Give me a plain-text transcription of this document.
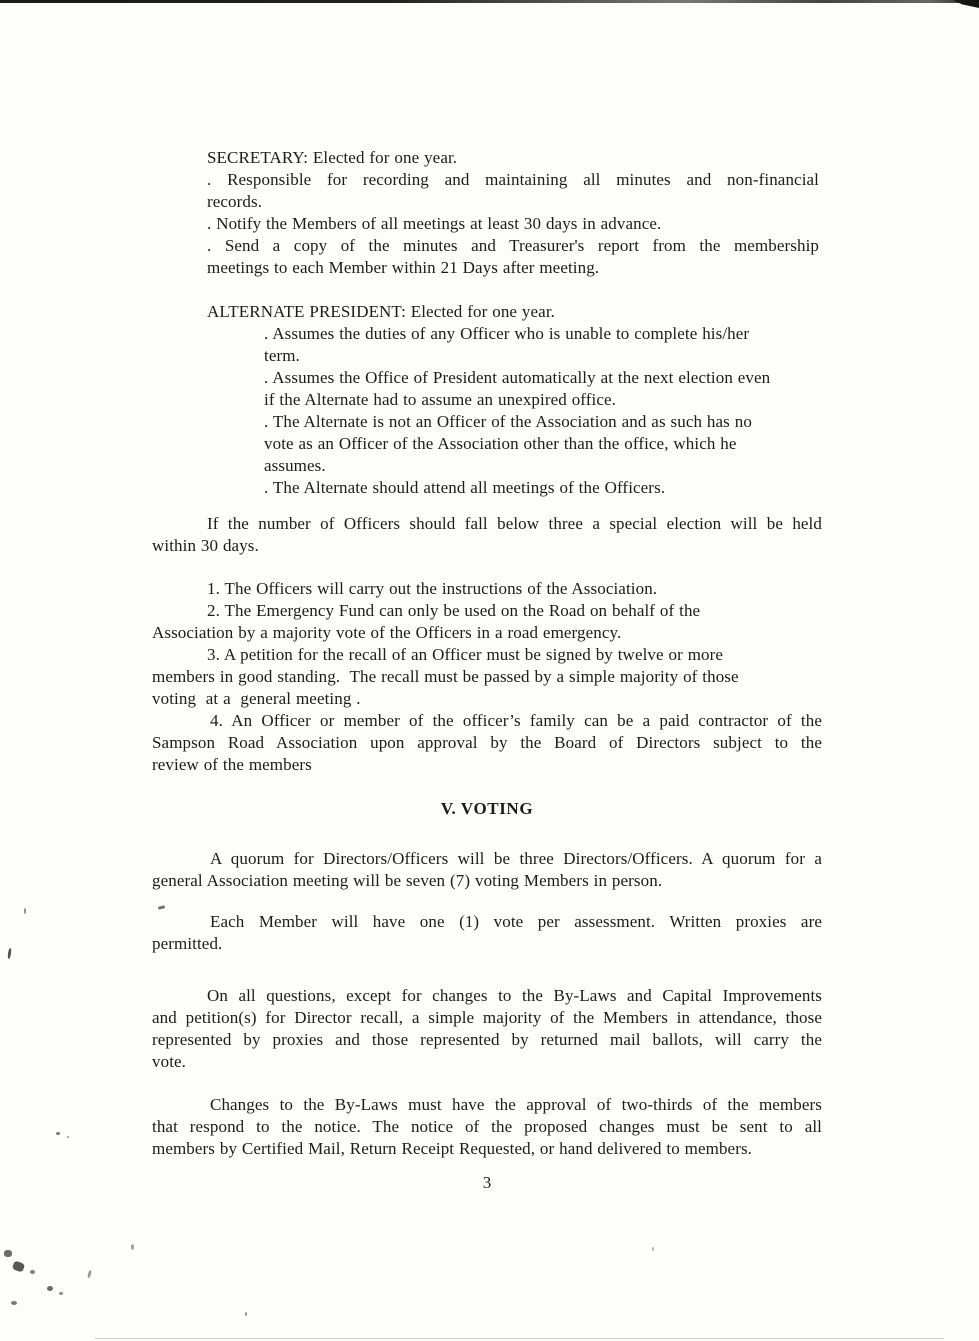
SECRETARY: Elected for one year.
. Responsible for recording and maintaining all minutes and non-financial
records.
. Notify the Members of all meetings at least 30 days in advance.
. Send a copy of the minutes and Treasurer's report from the membership
meetings to each Member within 21 Days after meeting.
ALTERNATE PRESIDENT: Elected for one year.
. Assumes the duties of any Officer who is unable to complete his/her
term.
. Assumes the Office of President automatically at the next election even
if the Alternate had to assume an unexpired office.
. The Alternate is not an Officer of the Association and as such has no
vote as an Officer of the Association other than the office, which he
assumes.
. The Alternate should attend all meetings of the Officers.
If the number of Officers should fall below three a special election will be held
within 30 days.
1. The Officers will carry out the instructions of the Association.
2. The Emergency Fund can only be used on the Road on behalf of the
Association by a majority vote of the Officers in a road emergency.
3. A petition for the recall of an Officer must be signed by twelve or more
members in good standing.  The recall must be passed by a simple majority of those
voting  at a  general meeting .
4. An Officer or member of the officer’s family can be a paid contractor of the
Sampson Road Association upon approval by the Board of Directors subject to the
review of the members
V. VOTING
A quorum for Directors/Officers will be three Directors/Officers. A quorum for a
general Association meeting will be seven (7) voting Members in person.
Each Member will have one (1) vote per assessment. Written proxies are
permitted.
On all questions, except for changes to the By-Laws and Capital Improvements
and petition(s) for Director recall, a simple majority of the Members in attendance, those
represented by proxies and those represented by returned mail ballots, will carry the
vote.
Changes to the By-Laws must have the approval of two-thirds of the members
that respond to the notice. The notice of the proposed changes must be sent to all
members by Certified Mail, Return Receipt Requested, or hand delivered to members.
3
